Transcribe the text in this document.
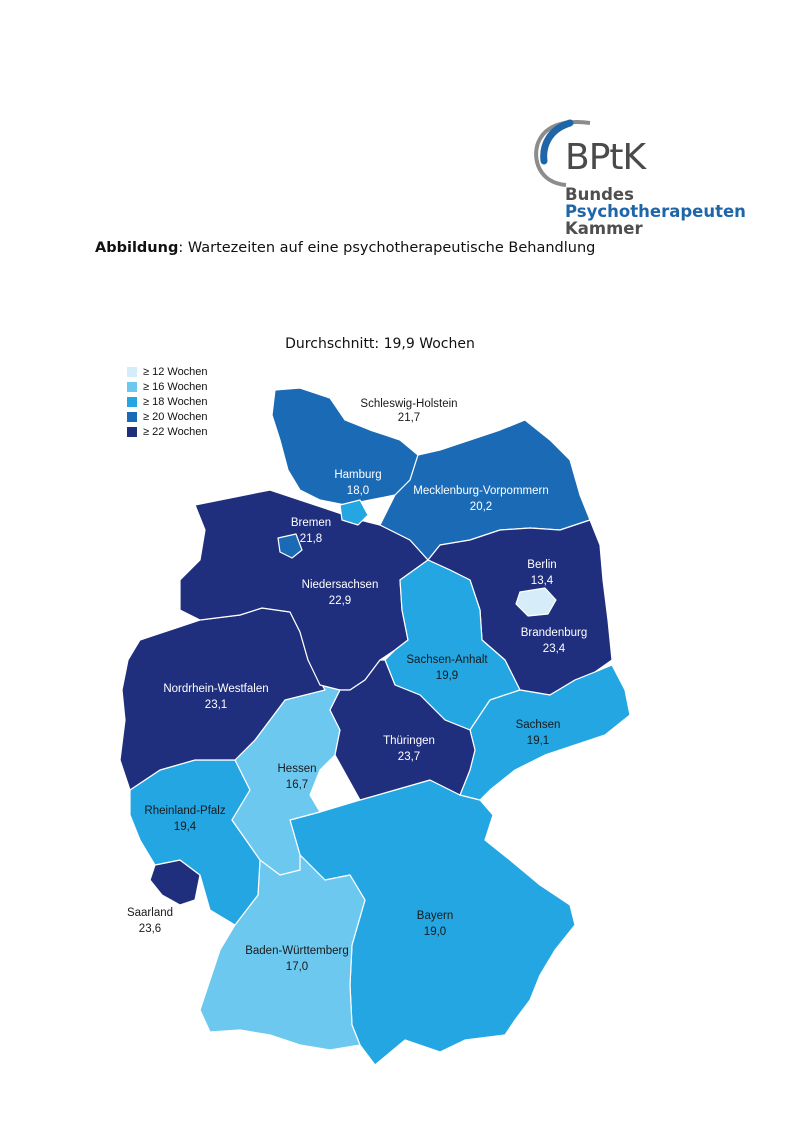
BPtK
Bundes
Psychotherapeuten
Kammer
Abbildung: Wartezeiten auf eine psychotherapeutische Behandlung
Durchschnitt: 19,9 Wochen
≥ 12 Wochen
≥ 16 Wochen
≥ 18 Wochen
≥ 20 Wochen
≥ 22 Wochen
Schleswig-Holstein
21,7
Hamburg
18,0	Mecklenburg-Vorpommern
20,2
Bremen
21,8
Niedersachsen
22,9
Berlin
13,4
Brandenburg
23,4
Sachsen-Anhalt
19,9
Nordrhein-Westfalen
23,1
Sachsen
19,1
Thüringen
23,7
Hessen
16,7
Rheinland-Pfalz
19,4
Saarland
23,6
Bayern
19,0
Baden-Württemberg
17,0
